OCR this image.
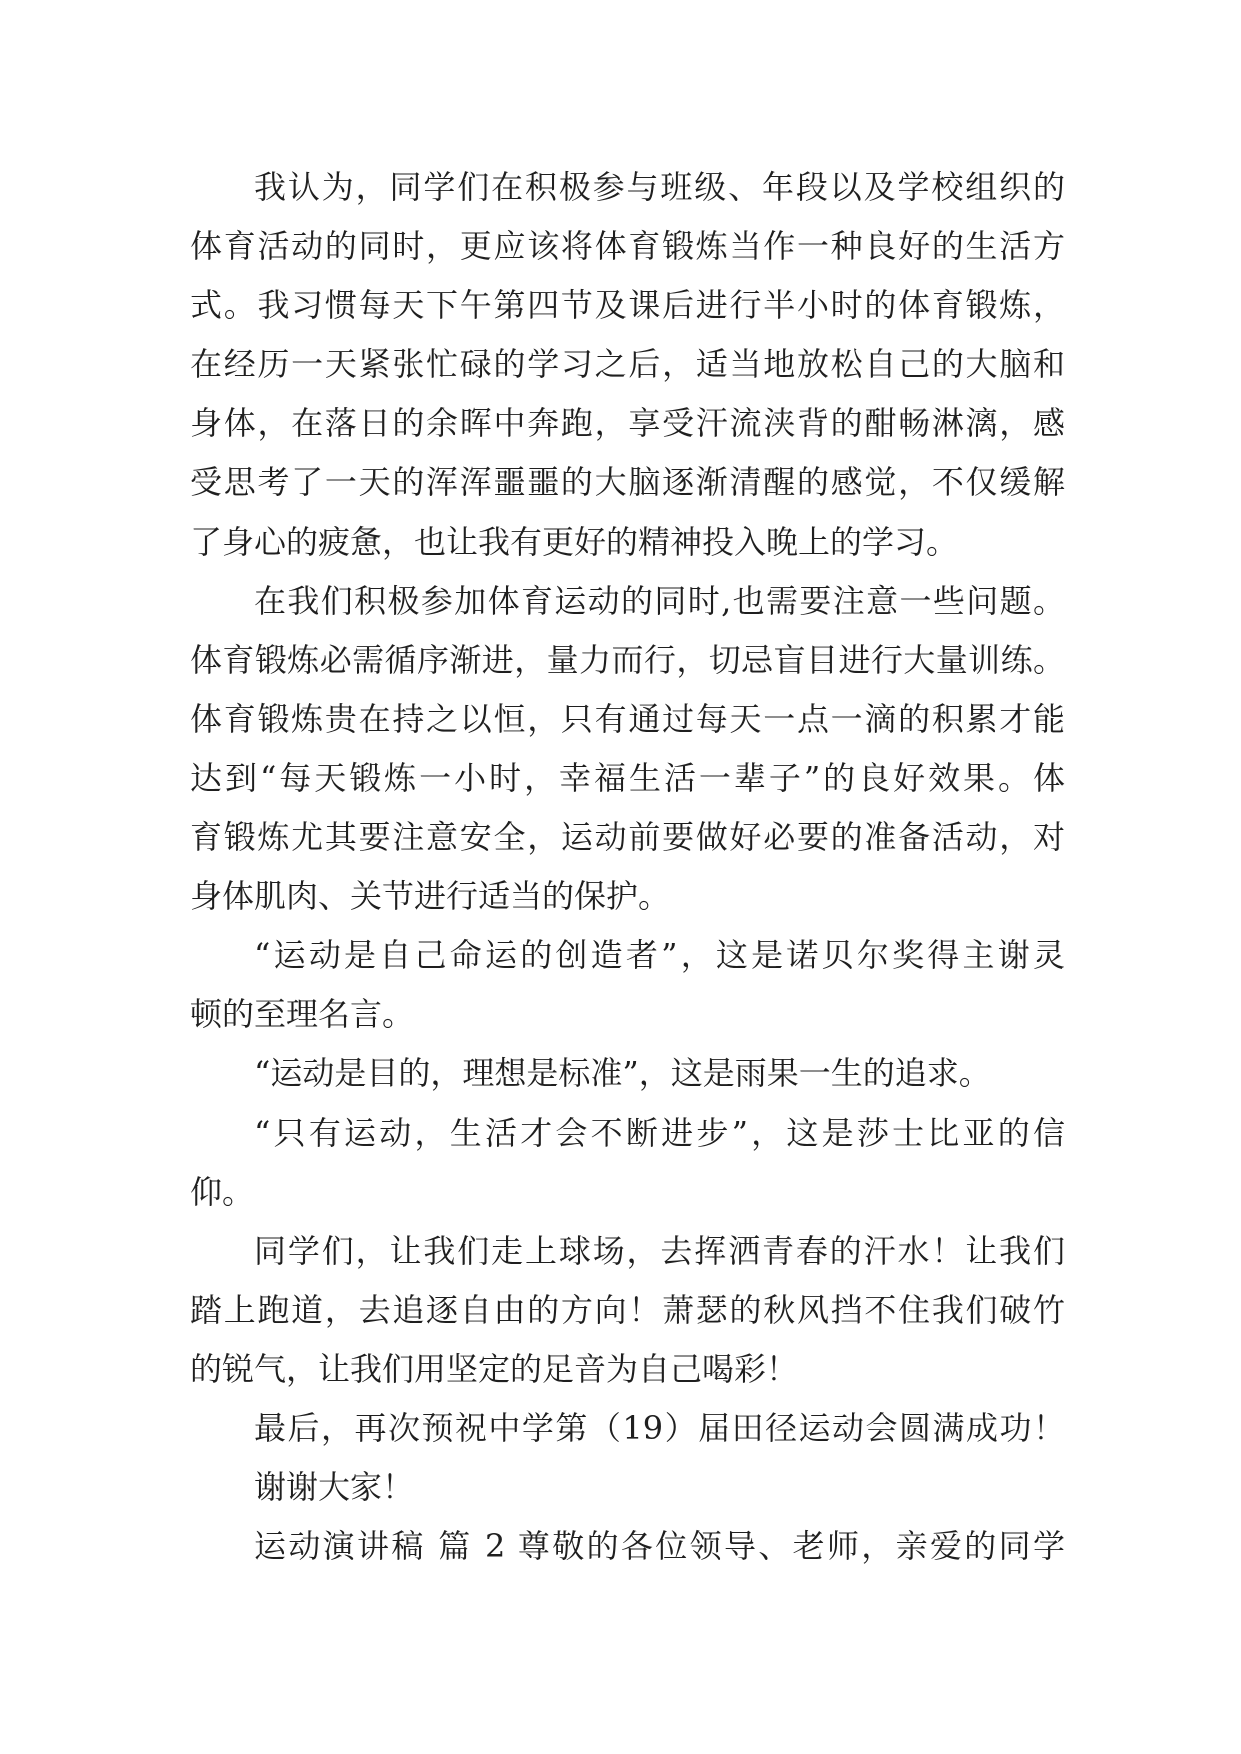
我认为，同学们在积极参与班级、年段以及学校组织的
体育活动的同时，更应该将体育锻炼当作一种良好的生活方
式。我习惯每天下午第四节及课后进行半小时的体育锻炼，
在经历一天紧张忙碌的学习之后，适当地放松自己的大脑和
身体，在落日的余晖中奔跑，享受汗流浃背的酣畅淋漓，感
受思考了一天的浑浑噩噩的大脑逐渐清醒的感觉，不仅缓解
了身心的疲惫，也让我有更好的精神投入晚上的学习。
在我们积极参加体育运动的同时,也需要注意一些问题。
体育锻炼必需循序渐进，量力而行，切忌盲目进行大量训练。
体育锻炼贵在持之以恒，只有通过每天一点一滴的积累才能
达到“每天锻炼一小时，幸福生活一辈子”的良好效果。体
育锻炼尤其要注意安全，运动前要做好必要的准备活动，对
身体肌肉、关节进行适当的保护。
“运动是自己命运的创造者”，这是诺贝尔奖得主谢灵
顿的至理名言。
“运动是目的，理想是标准”，这是雨果一生的追求。
“只有运动，生活才会不断进步”，这是莎士比亚的信
仰。
同学们，让我们走上球场，去挥洒青春的汗水！让我们
踏上跑道，去追逐自由的方向！萧瑟的秋风挡不住我们破竹
的锐气，让我们用坚定的足音为自己喝彩！
最后，再次预祝中学第（19）届田径运动会圆满成功！
谢谢大家！
运动演讲稿 篇 2 尊敬的各位领导、老师，亲爱的同学
